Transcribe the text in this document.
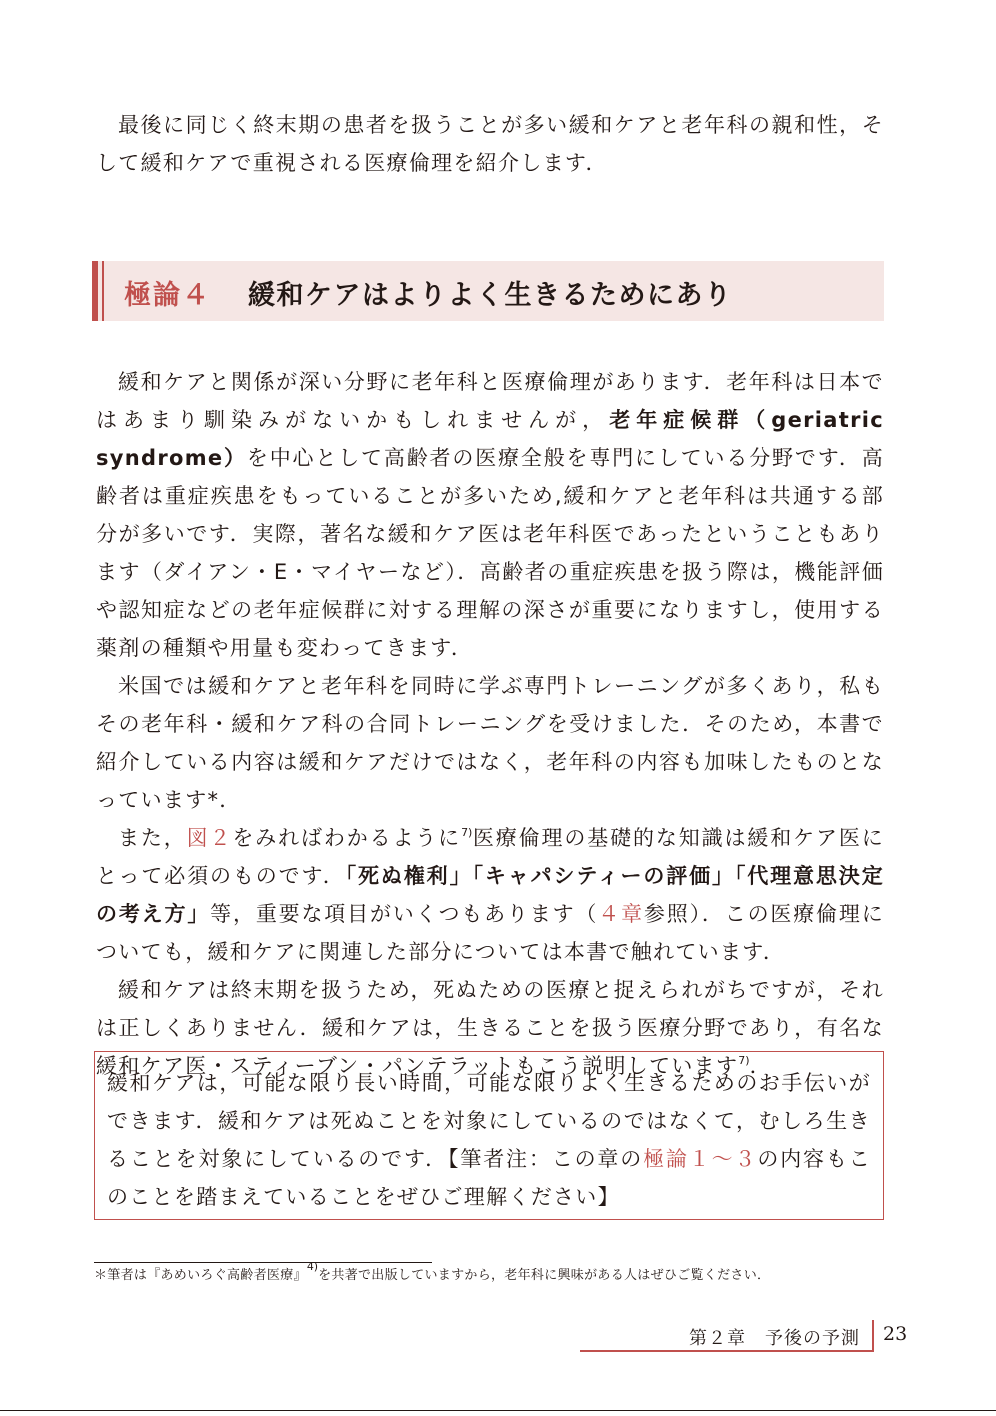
最後に同じく終末期の患者を扱うことが多い緩和ケアと老年科の親和性，そして緩和ケアで重視される医療倫理を紹介します．

極論４ 緩和ケアはよりよく生きるためにあり

緩和ケアと関係が深い分野に老年科と医療倫理があります．老年科は日本ではあまり馴染みがないかもしれませんが，老年症候群（geriatric syndrome）を中心として高齢者の医療全般を専門にしている分野です．高齢者は重症疾患をもっていることが多いため,緩和ケアと老年科は共通する部分が多いです．実際，著名な緩和ケア医は老年科医であったということもあります（ダイアン・E・マイヤーなど）．高齢者の重症疾患を扱う際は，機能評価や認知症などの老年症候群に対する理解の深さが重要になりますし，使用する薬剤の種類や用量も変わってきます．

米国では緩和ケアと老年科を同時に学ぶ専門トレーニングが多くあり，私もその老年科・緩和ケア科の合同トレーニングを受けました．そのため，本書で紹介している内容は緩和ケアだけではなく，老年科の内容も加味したものとなっています*．

また，図２をみればわかるように$^{7)}$医療倫理の基礎的な知識は緩和ケア医にとって必須のものです．「死ぬ権利」「キャパシティーの評価」「代理意思決定の考え方」等，重要な項目がいくつもあります（４章参照）．この医療倫理についても，緩和ケアに関連した部分については本書で触れています．

緩和ケアは終末期を扱うため，死ぬための医療と捉えられがちですが，それは正しくありません．緩和ケアは，生きることを扱う医療分野であり，有名な緩和ケア医・スティーブン・パンテラットもこう説明しています$^{7)}$．

緩和ケアは，可能な限り長い時間，可能な限りよく生きるためのお手伝いができます．緩和ケアは死ぬことを対象にしているのではなくて，むしろ生きることを対象にしているのです．【筆者注：この章の極論１〜３の内容もこのことを踏まえていることをぜひご理解ください】
＊筆者は『あめいろぐ高齢者医療』$^{4)}$を共著で出版していますから，老年科に興味がある人はぜひご覧ください．
第２章　予後の予測 23
